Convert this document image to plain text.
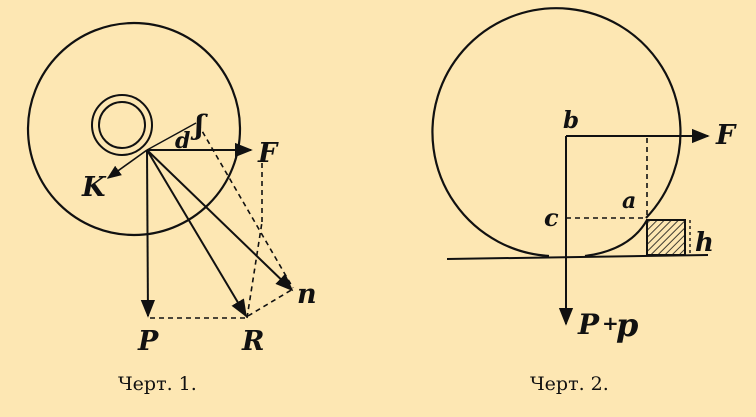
d ʃ
F
K
P	R
n
Черт. 1.
b	F
a
c
h
P +
p
Черт. 2.
